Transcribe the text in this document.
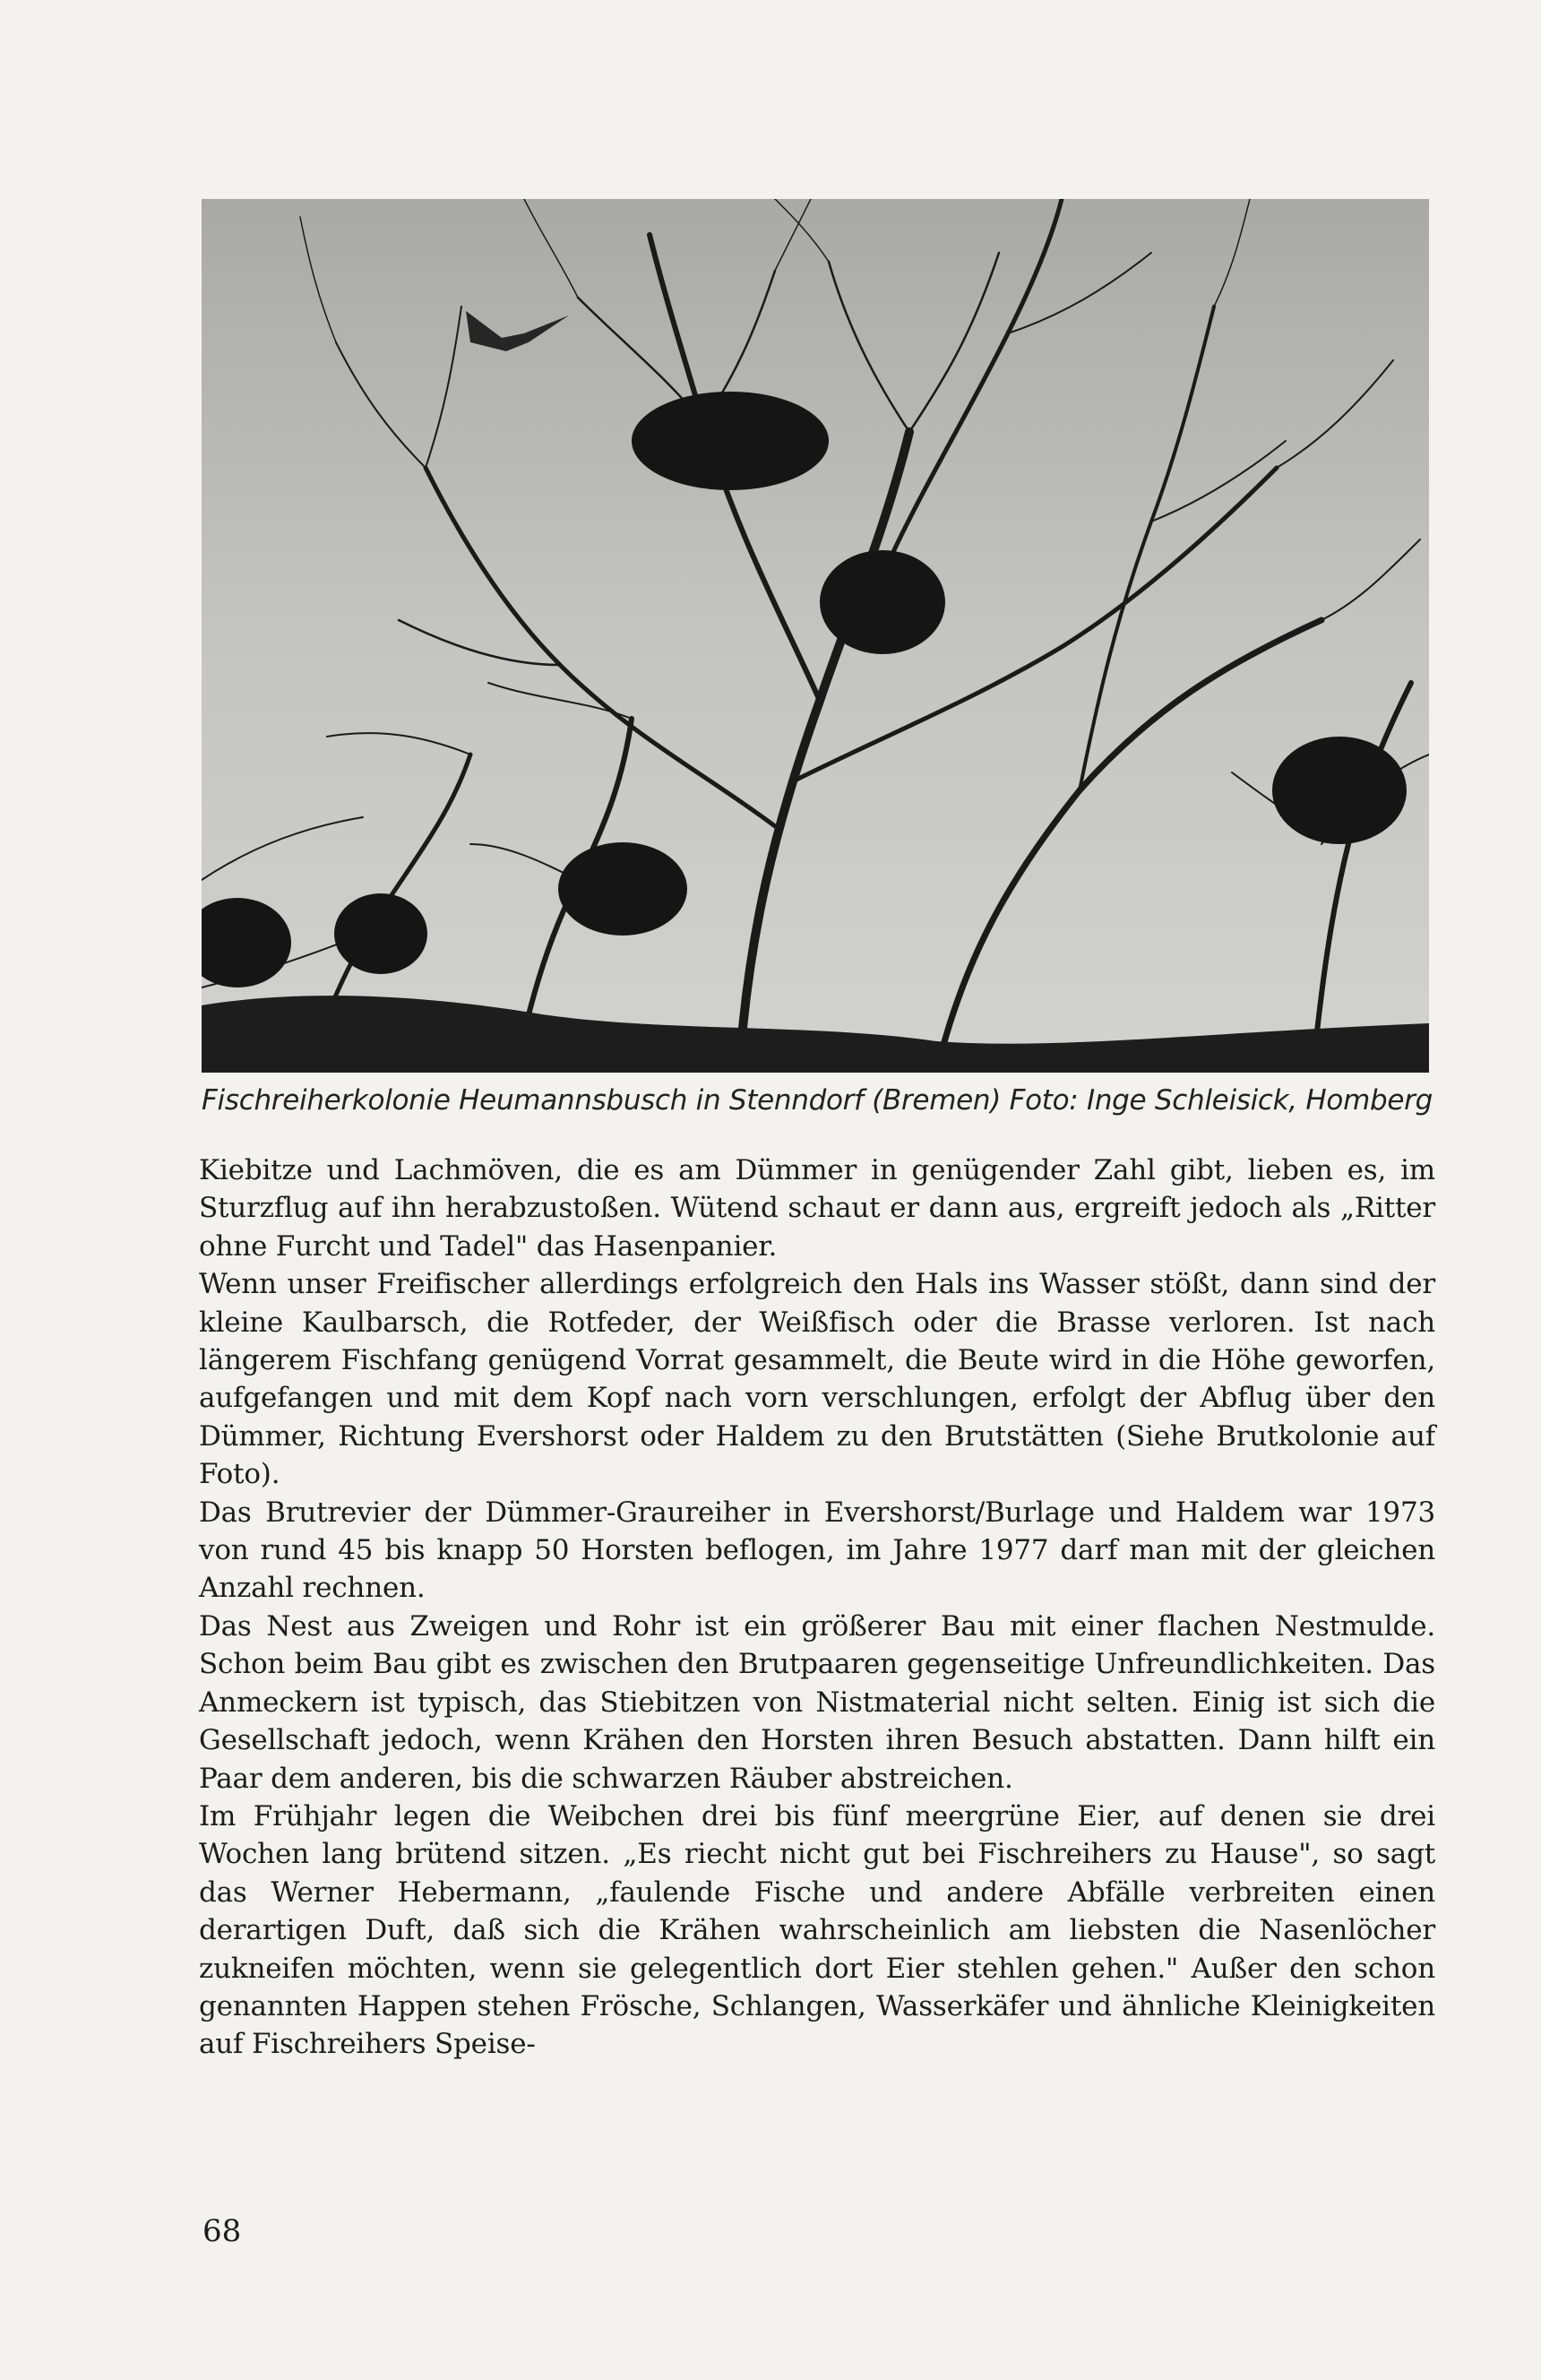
Fischreiherkolonie Heumannsbusch in Stenndorf (Bremen) Foto: Inge Schleisick, Homberg

Kiebitze und Lachmöven, die es am Dümmer in genügender Zahl gibt, lieben es, im Sturzflug auf ihn herabzustoßen. Wütend schaut er dann aus, ergreift jedoch als „Ritter ohne Furcht und Tadel" das Hasenpanier.

Wenn unser Freifischer allerdings erfolgreich den Hals ins Wasser stößt, dann sind der kleine Kaulbarsch, die Rotfeder, der Weißfisch oder die Brasse verloren. Ist nach längerem Fischfang genügend Vorrat gesammelt, die Beute wird in die Höhe geworfen, aufgefangen und mit dem Kopf nach vorn verschlungen, erfolgt der Abflug über den Dümmer, Richtung Evershorst oder Haldem zu den Brutstätten (Siehe Brutkolonie auf Foto).

Das Brutrevier der Dümmer-Graureiher in Evershorst/Burlage und Haldem war 1973 von rund 45 bis knapp 50 Horsten beflogen, im Jahre 1977 darf man mit der gleichen Anzahl rechnen.

Das Nest aus Zweigen und Rohr ist ein größerer Bau mit einer flachen Nestmulde. Schon beim Bau gibt es zwischen den Brutpaaren gegenseitige Unfreundlichkeiten. Das Anmeckern ist typisch, das Stiebitzen von Nistmaterial nicht selten. Einig ist sich die Gesellschaft jedoch, wenn Krähen den Horsten ihren Besuch abstatten. Dann hilft ein Paar dem anderen, bis die schwarzen Räuber abstreichen.

Im Frühjahr legen die Weibchen drei bis fünf meergrüne Eier, auf denen sie drei Wochen lang brütend sitzen. „Es riecht nicht gut bei Fischreihers zu Hause", so sagt das Werner Hebermann, „faulende Fische und andere Abfälle verbreiten einen derartigen Duft, daß sich die Krähen wahrscheinlich am liebsten die Nasenlöcher zukneifen möchten, wenn sie gelegentlich dort Eier stehlen gehen." Außer den schon genannten Happen stehen Frösche, Schlangen, Wasserkäfer und ähnliche Kleinigkeiten auf Fischreihers Speise-

68
